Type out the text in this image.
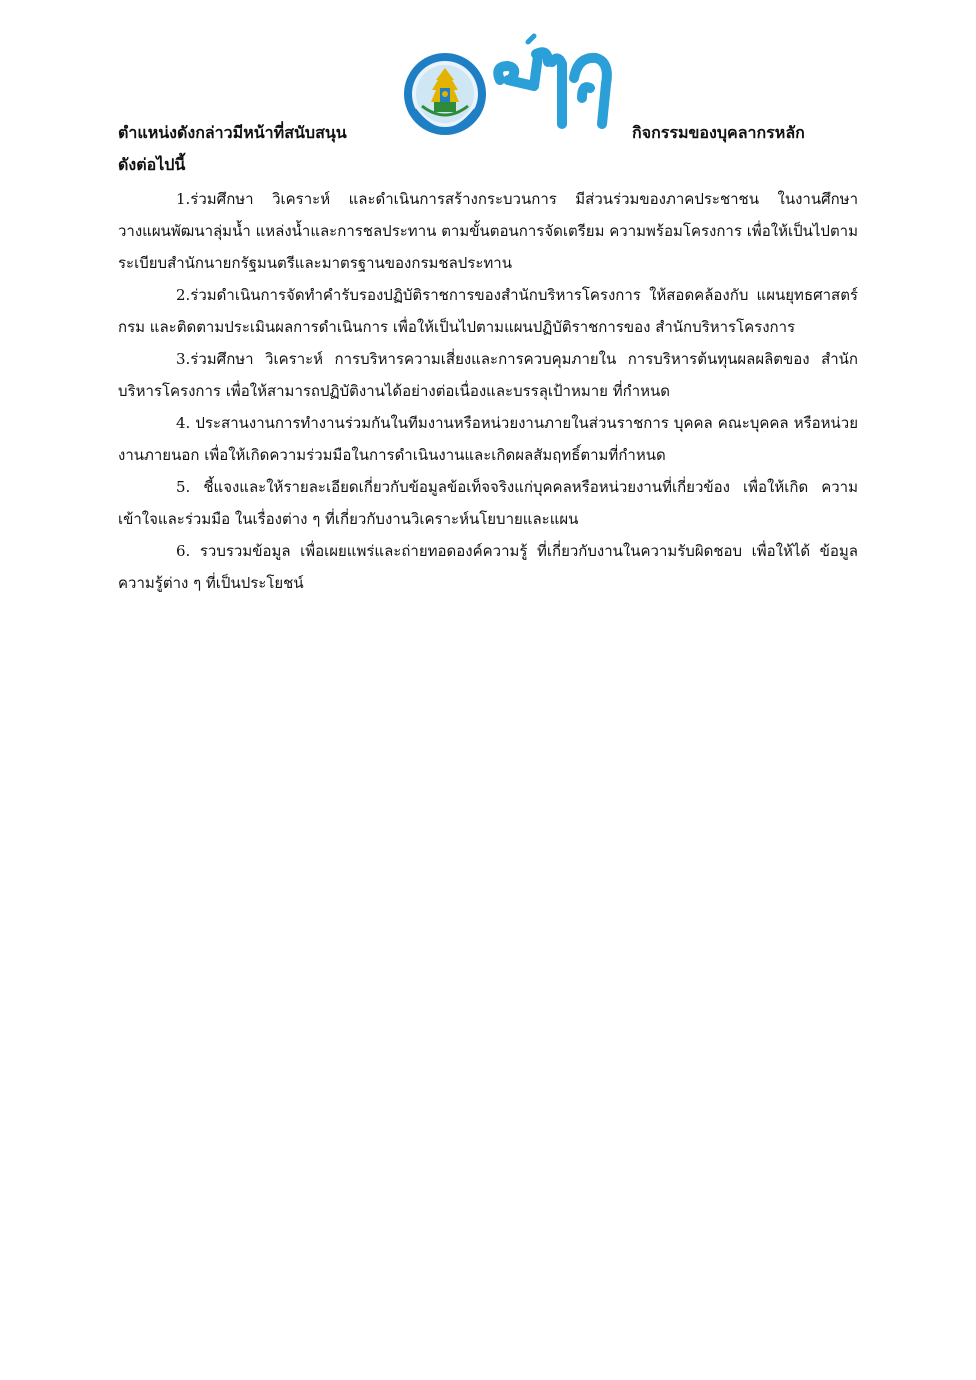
ตำแหน่งดังกล่าวมีหน้าที่สนับสนุน	กิจกรรมของบุคลากรหลัก
ดังต่อไปนี้

1.ร่วมศึกษา วิเคราะห์ และดำเนินการสร้างกระบวนการ มีส่วนร่วมของภาคประชาชน ในงานศึกษา วางแผนพัฒนาลุ่มน้ำ แหล่งน้ำและการชลประทาน ตามขั้นตอนการจัดเตรียม ความพร้อมโครงการ เพื่อให้เป็นไปตามระเบียบสำนักนายกรัฐมนตรีและมาตรฐานของกรมชลประทาน

2.ร่วมดำเนินการจัดทำคำรับรองปฏิบัติราชการของสำนักบริหารโครงการ ให้สอดคล้องกับ แผนยุทธศาสตร์กรม และติดตามประเมินผลการดำเนินการ เพื่อให้เป็นไปตามแผนปฏิบัติราชการของ สำนักบริหารโครงการ

3.ร่วมศึกษา วิเคราะห์ การบริหารความเสี่ยงและการควบคุมภายใน การบริหารต้นทุนผลผลิตของ สำนักบริหารโครงการ เพื่อให้สามารถปฏิบัติงานได้อย่างต่อเนื่องและบรรลุเป้าหมาย ที่กำหนด

4. ประสานงานการทำงานร่วมกันในทีมงานหรือหน่วยงานภายในส่วนราชการ บุคคล คณะบุคคล หรือหน่วยงานภายนอก เพื่อให้เกิดความร่วมมือในการดำเนินงานและเกิดผลสัมฤทธิ์ตามที่กำหนด

5. ชี้แจงและให้รายละเอียดเกี่ยวกับข้อมูลข้อเท็จจริงแก่บุคคลหรือหน่วยงานที่เกี่ยวข้อง เพื่อให้เกิด ความเข้าใจและร่วมมือ ในเรื่องต่าง ๆ ที่เกี่ยวกับงานวิเคราะห์นโยบายและแผน

6. รวบรวมข้อมูล เพื่อเผยแพร่และถ่ายทอดองค์ความรู้ ที่เกี่ยวกับงานในความรับผิดชอบ เพื่อให้ได้ ข้อมูลความรู้ต่าง ๆ ที่เป็นประโยชน์
